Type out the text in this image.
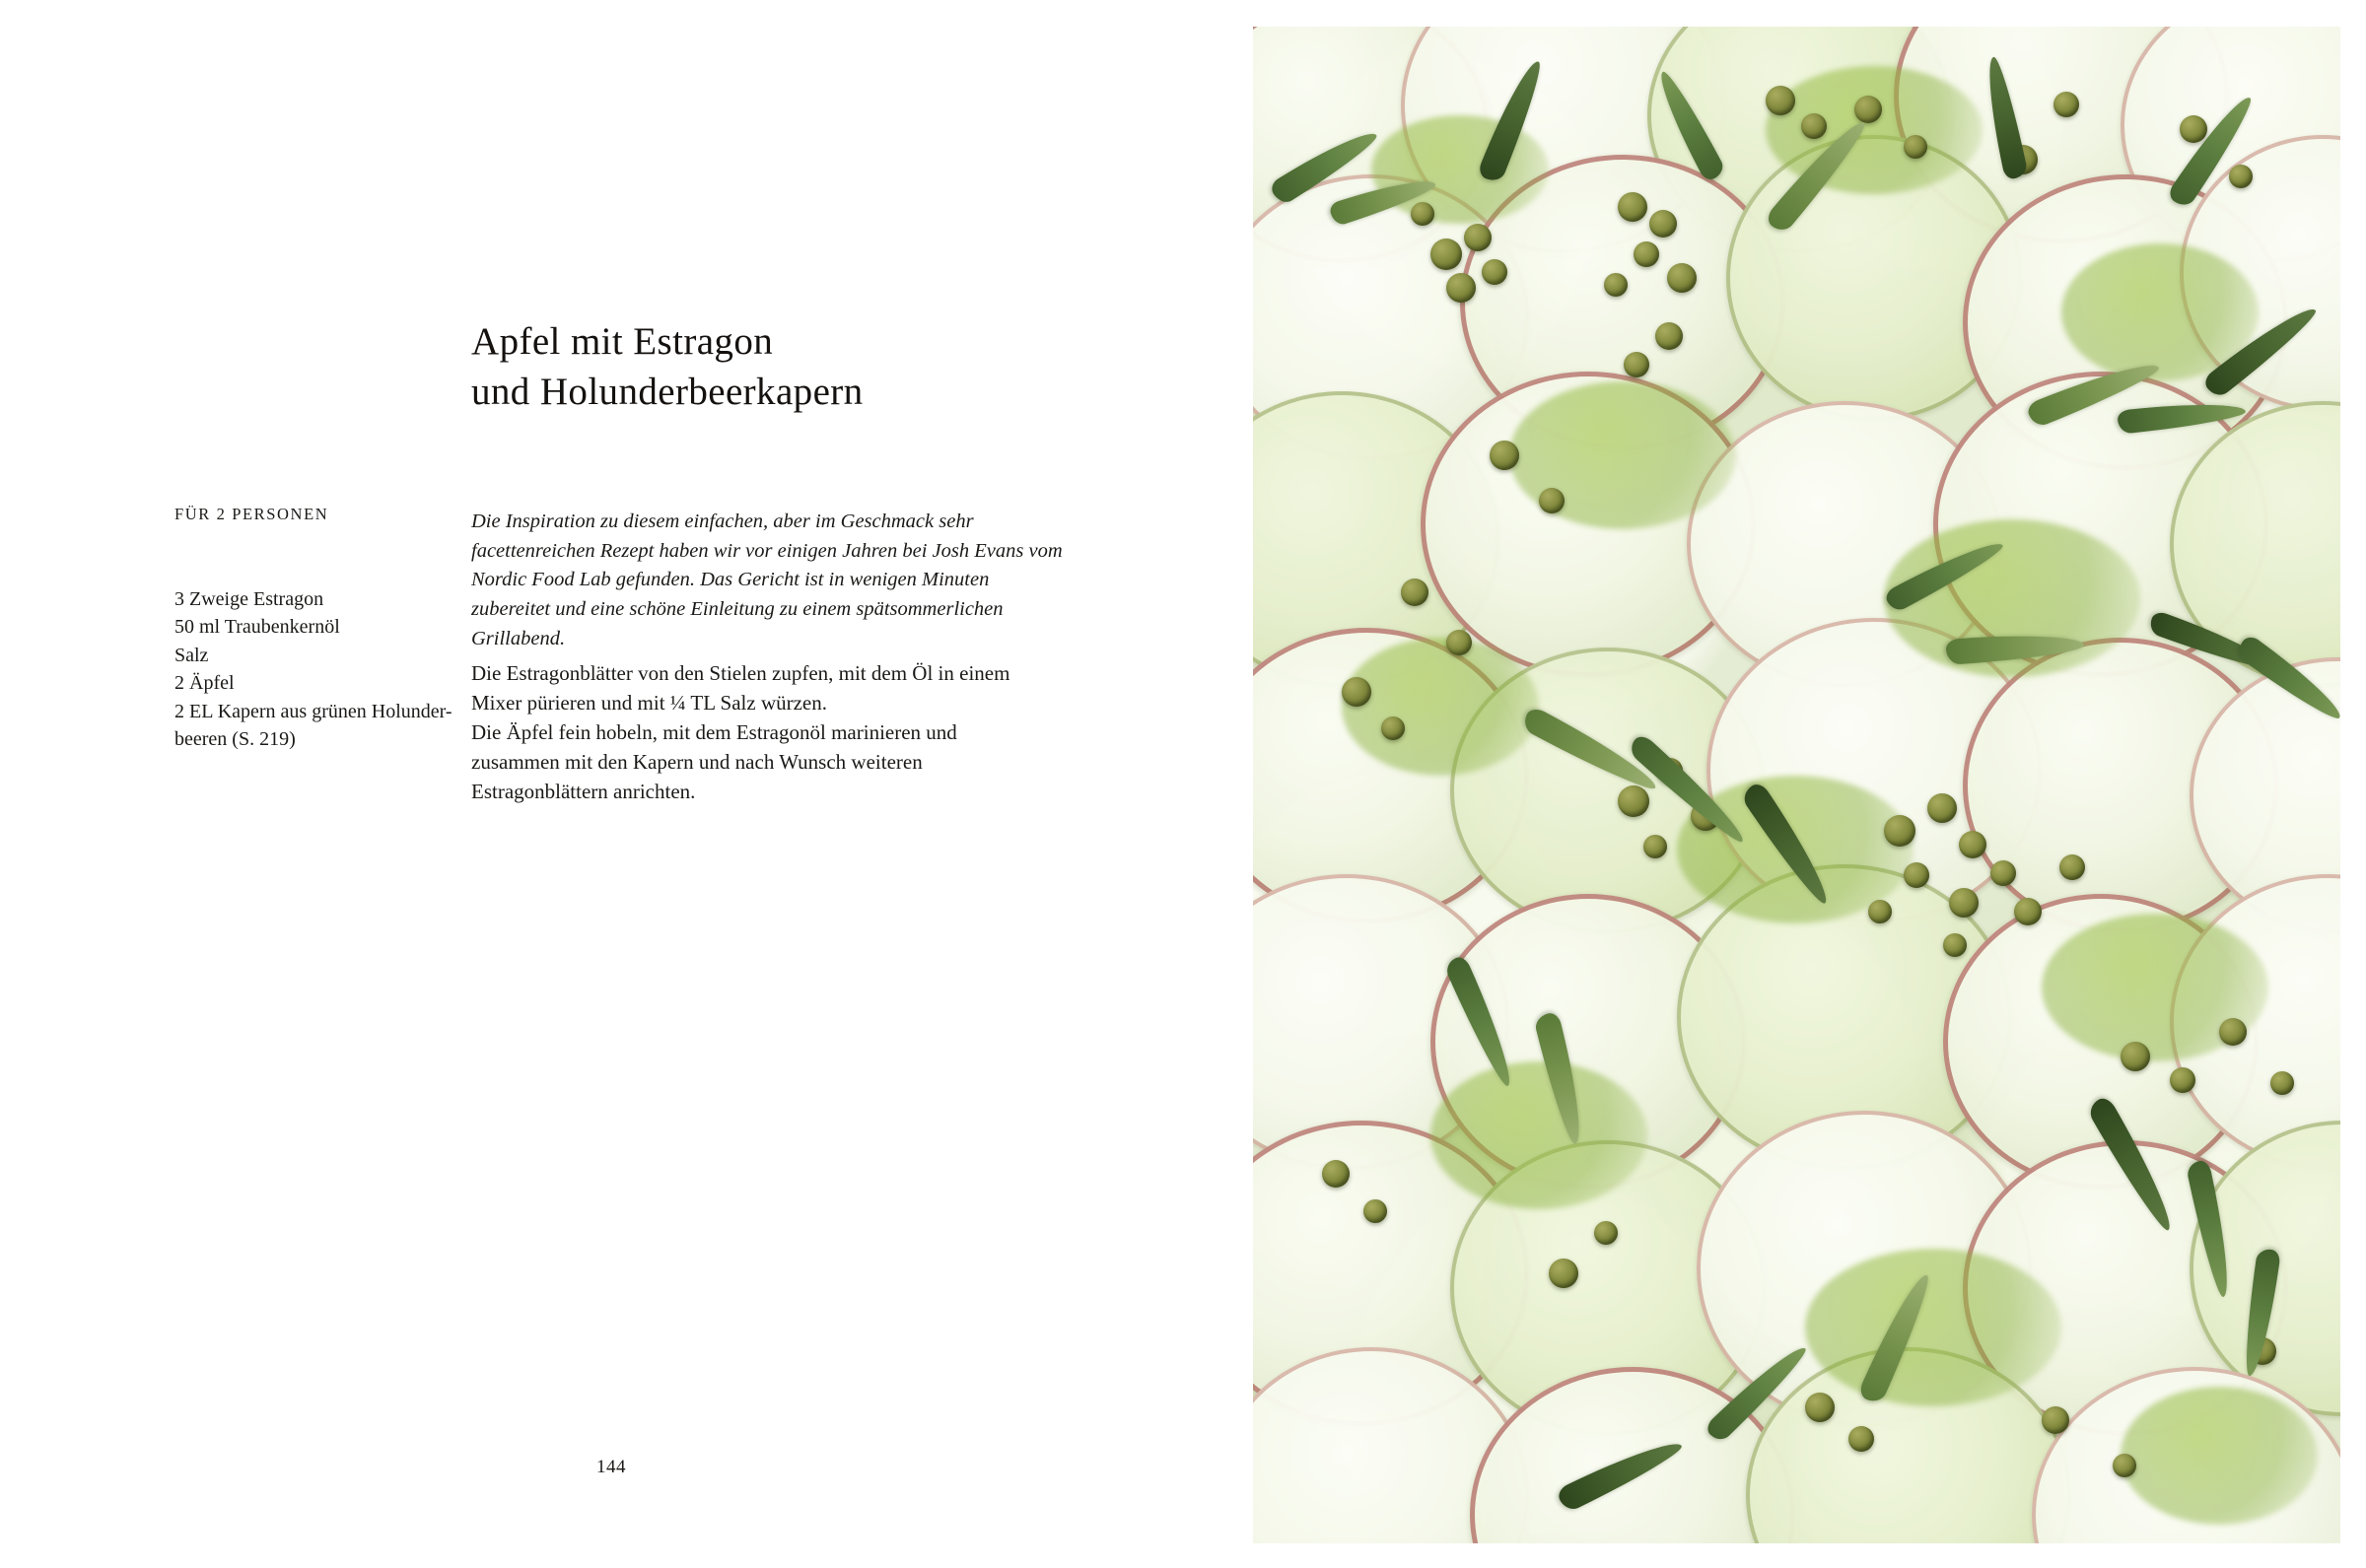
Apfel mit Estragon
und Holunderbeerkapern
FÜR 2 PERSONEN
3 Zweige Estragon
50 ml Traubenkernöl
Salz
2 Äpfel
2 EL Kapern aus grünen Holunder-
beeren (S. 219)
Die Inspiration zu diesem einfachen, aber im Geschmack sehr facettenreichen Rezept haben wir vor einigen Jahren bei Josh Evans vom Nordic Food Lab gefunden. Das Gericht ist in wenigen Minuten zubereitet und eine schöne Einleitung zu einem spätsommerlichen Grillabend.

Die Estragonblätter von den Stielen zupfen, mit dem Öl in einem Mixer pürieren und mit ¼ TL Salz würzen.

Die Äpfel fein hobeln, mit dem Estragonöl marinieren und zusammen mit den Kapern und nach Wunsch weiteren Estragonblättern anrichten.

144
